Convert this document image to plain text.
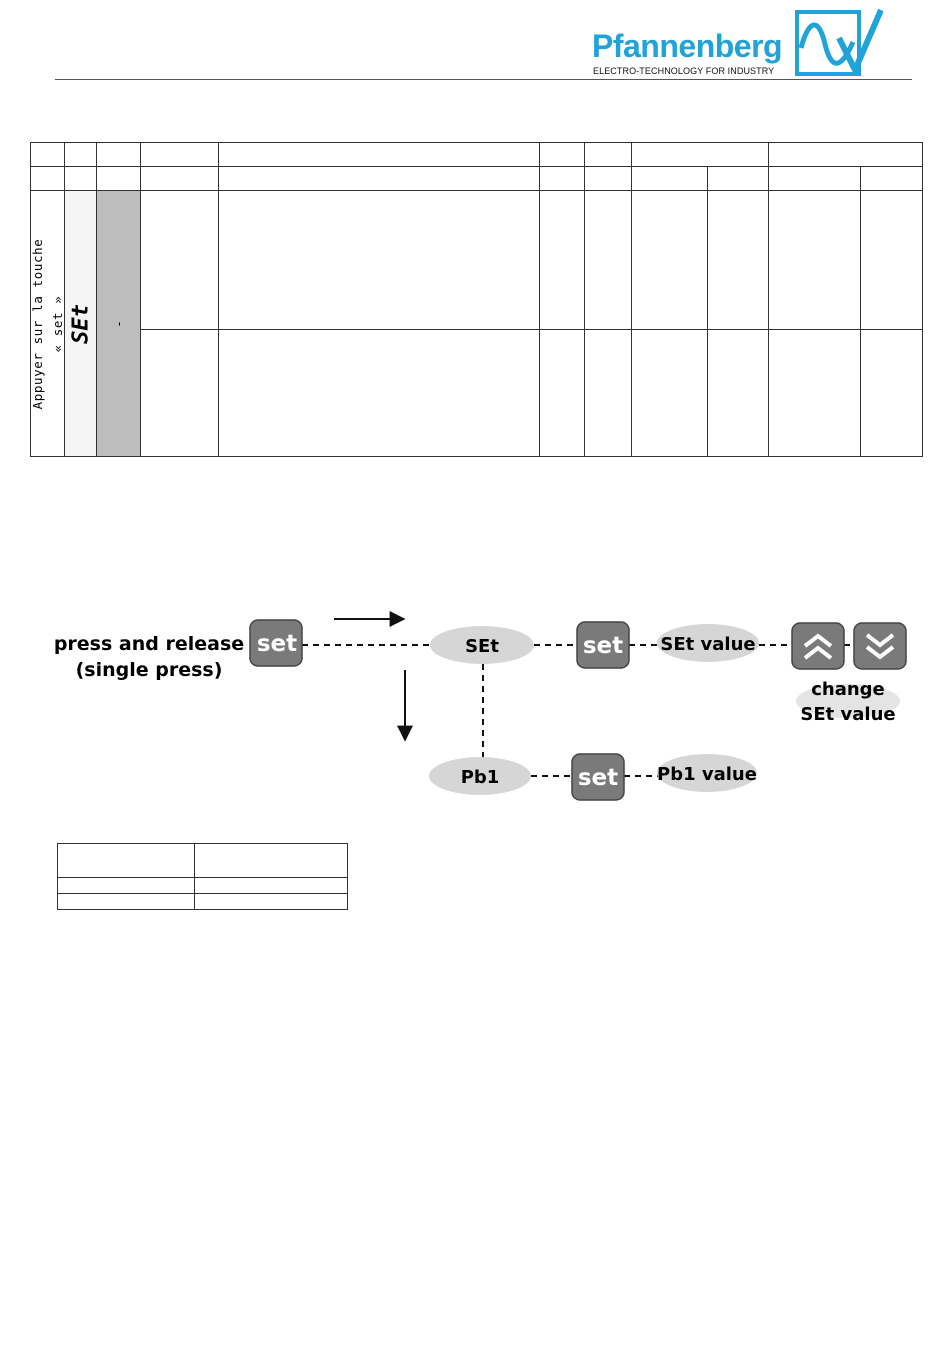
Pfannenberg
ELECTRO-TECHNOLOGY FOR INDUSTRY

Appuyer sur la touche « set »	SEt	-								

press and release
(single press)
set	SEt	set SEt value
change
SEt value
Pb1	set Pb1 value
